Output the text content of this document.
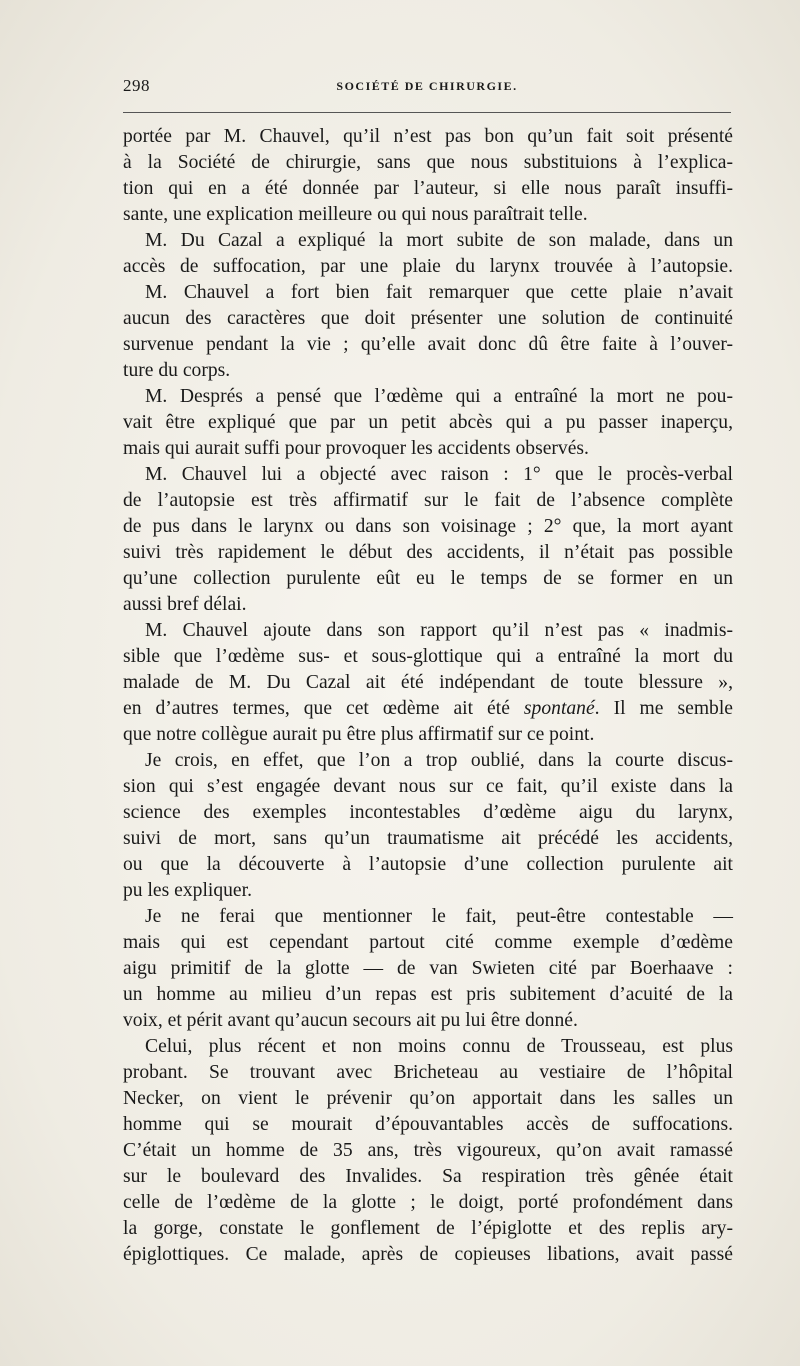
298	SOCIÉTÉ DE CHIRURGIE.
portée par M. Chauvel, qu’il n’est pas bon qu’un fait soit présenté
à la Société de chirurgie, sans que nous substituions à l’explica-
tion qui en a été donnée par l’auteur, si elle nous paraît insuffi-
sante, une explication meilleure ou qui nous paraîtrait telle.
M. Du Cazal a expliqué la mort subite de son malade, dans un
accès de suffocation, par une plaie du larynx trouvée à l’autopsie.
M. Chauvel a fort bien fait remarquer que cette plaie n’avait
aucun des caractères que doit présenter une solution de continuité
survenue pendant la vie ; qu’elle avait donc dû être faite à l’ouver-
ture du corps.
M. Després a pensé que l’œdème qui a entraîné la mort ne pou-
vait être expliqué que par un petit abcès qui a pu passer inaperçu,
mais qui aurait suffi pour provoquer les accidents observés.
M. Chauvel lui a objecté avec raison : 1° que le procès-verbal
de l’autopsie est très affirmatif sur le fait de l’absence complète
de pus dans le larynx ou dans son voisinage ; 2° que, la mort ayant
suivi très rapidement le début des accidents, il n’était pas possible
qu’une collection purulente eût eu le temps de se former en un
aussi bref délai.
M. Chauvel ajoute dans son rapport qu’il n’est pas « inadmis-
sible que l’œdème sus- et sous-glottique qui a entraîné la mort du
malade de M. Du Cazal ait été indépendant de toute blessure »,
en d’autres termes, que cet œdème ait été spontané. Il me semble
que notre collègue aurait pu être plus affirmatif sur ce point.
Je crois, en effet, que l’on a trop oublié, dans la courte discus-
sion qui s’est engagée devant nous sur ce fait, qu’il existe dans la
science des exemples incontestables d’œdème aigu du larynx,
suivi de mort, sans qu’un traumatisme ait précédé les accidents,
ou que la découverte à l’autopsie d’une collection purulente ait
pu les expliquer.
Je ne ferai que mentionner le fait, peut-être contestable —
mais qui est cependant partout cité comme exemple d’œdème
aigu primitif de la glotte — de van Swieten cité par Boerhaave :
un homme au milieu d’un repas est pris subitement d’acuité de la
voix, et périt avant qu’aucun secours ait pu lui être donné.
Celui, plus récent et non moins connu de Trousseau, est plus
probant. Se trouvant avec Bricheteau au vestiaire de l’hôpital
Necker, on vient le prévenir qu’on apportait dans les salles un
homme qui se mourait d’épouvantables accès de suffocations.
C’était un homme de 35 ans, très vigoureux, qu’on avait ramassé
sur le boulevard des Invalides. Sa respiration très gênée était
celle de l’œdème de la glotte ; le doigt, porté profondément dans
la gorge, constate le gonflement de l’épiglotte et des replis ary-
épiglottiques. Ce malade, après de copieuses libations, avait passé
